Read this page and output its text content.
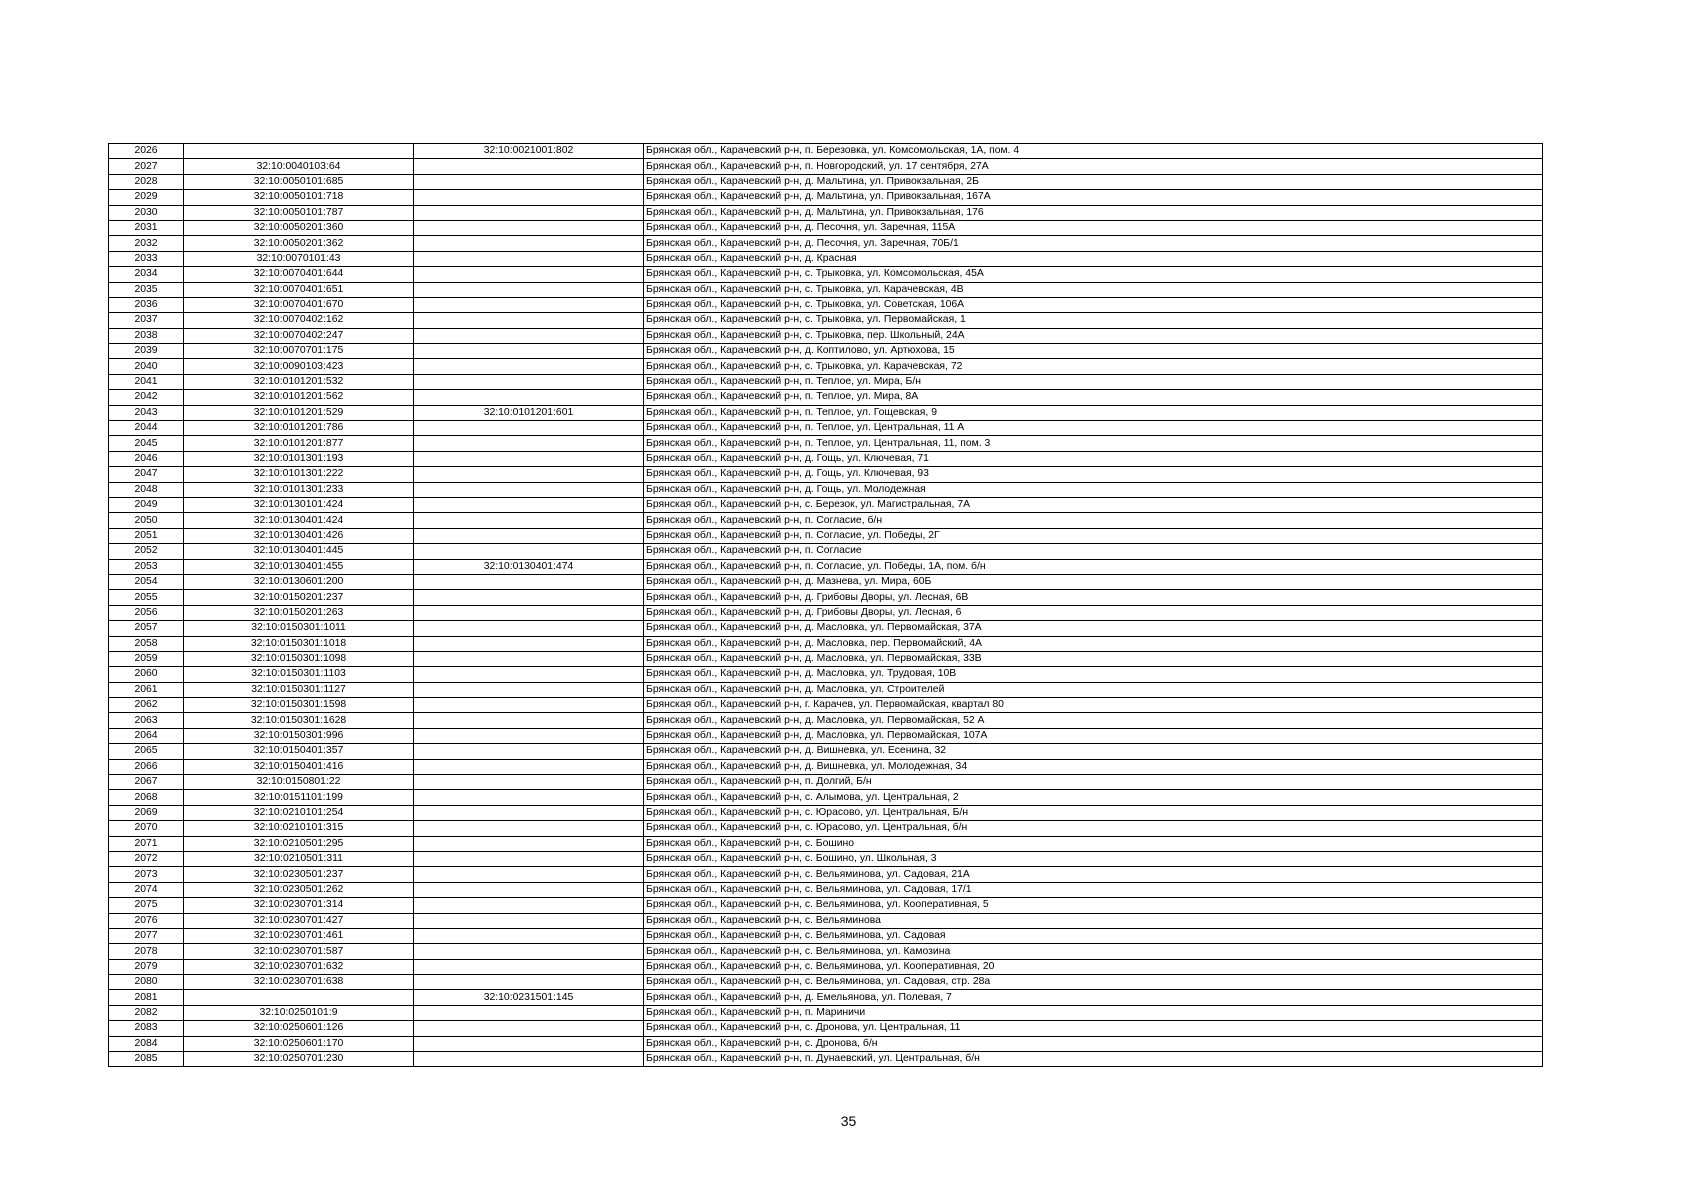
2026		32:10:0021001:802	Брянская обл., Карачевский р-н, п. Березовка, ул. Комсомольская, 1А, пом. 4
2027	32:10:0040103:64		Брянская обл., Карачевский р-н, п. Новгородский, ул. 17 сентября, 27А
2028	32:10:0050101:685		Брянская обл., Карачевский р-н, д. Мальтина, ул. Привокзальная, 2Б
2029	32:10:0050101:718		Брянская обл., Карачевский р-н, д. Мальтина, ул. Привокзальная, 167А
2030	32:10:0050101:787		Брянская обл., Карачевский р-н, д. Мальтина, ул. Привокзальная, 176
2031	32:10:0050201:360		Брянская обл., Карачевский р-н, д. Песочня, ул. Заречная, 115А
2032	32:10:0050201:362		Брянская обл., Карачевский р-н, д. Песочня, ул. Заречная, 70Б/1
2033	32:10:0070101:43		Брянская обл., Карачевский р-н, д. Красная
2034	32:10:0070401:644		Брянская обл., Карачевский р-н, с. Трыковка, ул. Комсомольская, 45А
2035	32:10:0070401:651		Брянская обл., Карачевский р-н, с. Трыковка, ул. Карачевская, 4В
2036	32:10:0070401:670		Брянская обл., Карачевский р-н, с. Трыковка, ул. Советская, 106А
2037	32:10:0070402:162		Брянская обл., Карачевский р-н, с. Трыковка, ул. Первомайская, 1
2038	32:10:0070402:247		Брянская обл., Карачевский р-н, с. Трыковка, пер. Школьный, 24А
2039	32:10:0070701:175		Брянская обл., Карачевский р-н, д. Коптилово, ул. Артюхова, 15
2040	32:10:0090103:423		Брянская обл., Карачевский р-н, с. Трыковка, ул. Карачевская, 72
2041	32:10:0101201:532		Брянская обл., Карачевский р-н, п. Теплое, ул. Мира, Б/н
2042	32:10:0101201:562		Брянская обл., Карачевский р-н, п. Теплое, ул. Мира, 8А
2043	32:10:0101201:529	32:10:0101201:601	Брянская обл., Карачевский р-н, п. Теплое, ул. Гощевская, 9
2044	32:10:0101201:786		Брянская обл., Карачевский р-н, п. Теплое, ул. Центральная, 11 А
2045	32:10:0101201:877		Брянская обл., Карачевский р-н, п. Теплое, ул. Центральная, 11, пом. 3
2046	32:10:0101301:193		Брянская обл., Карачевский р-н, д. Гощь, ул. Ключевая, 71
2047	32:10:0101301:222		Брянская обл., Карачевский р-н, д. Гощь, ул. Ключевая, 93
2048	32:10:0101301:233		Брянская обл., Карачевский р-н, д. Гощь, ул. Молодежная
2049	32:10:0130101:424		Брянская обл., Карачевский р-н, с. Березок, ул. Магистральная, 7А
2050	32:10:0130401:424		Брянская обл., Карачевский р-н, п. Согласие, б/н
2051	32:10:0130401:426		Брянская обл., Карачевский р-н, п. Согласие, ул. Победы, 2Г
2052	32:10:0130401:445		Брянская обл., Карачевский р-н, п. Согласие
2053	32:10:0130401:455	32:10:0130401:474	Брянская обл., Карачевский р-н, п. Согласие, ул. Победы, 1А, пом. б/н
2054	32:10:0130601:200		Брянская обл., Карачевский р-н, д. Мазнева, ул. Мира, 60Б
2055	32:10:0150201:237		Брянская обл., Карачевский р-н, д. Грибовы Дворы, ул. Лесная, 6В
2056	32:10:0150201:263		Брянская обл., Карачевский р-н, д. Грибовы Дворы, ул. Лесная, 6
2057	32:10:0150301:1011		Брянская обл., Карачевский р-н, д. Масловка, ул. Первомайская, 37А
2058	32:10:0150301:1018		Брянская обл., Карачевский р-н, д. Масловка, пер. Первомайский, 4А
2059	32:10:0150301:1098		Брянская обл., Карачевский р-н, д. Масловка, ул. Первомайская, 33В
2060	32:10:0150301:1103		Брянская обл., Карачевский р-н, д. Масловка, ул. Трудовая, 10В
2061	32:10:0150301:1127		Брянская обл., Карачевский р-н, д. Масловка, ул. Строителей
2062	32:10:0150301:1598		Брянская обл., Карачевский р-н, г. Карачев, ул. Первомайская, квартал 80
2063	32:10:0150301:1628		Брянская обл., Карачевский р-н, д. Масловка, ул. Первомайская, 52 А
2064	32:10:0150301:996		Брянская обл., Карачевский р-н, д. Масловка, ул. Первомайская, 107А
2065	32:10:0150401:357		Брянская обл., Карачевский р-н, д. Вишневка, ул. Есенина, 32
2066	32:10:0150401:416		Брянская обл., Карачевский р-н, д. Вишневка, ул. Молодежная, 34
2067	32:10:0150801:22		Брянская обл., Карачевский р-н, п. Долгий, Б/н
2068	32:10:0151101:199		Брянская обл., Карачевский р-н, с. Алымова, ул. Центральная, 2
2069	32:10:0210101:254		Брянская обл., Карачевский р-н, с. Юрасово, ул. Центральная, Б/н
2070	32:10:0210101:315		Брянская обл., Карачевский р-н, с. Юрасово, ул. Центральная, б/н
2071	32:10:0210501:295		Брянская обл., Карачевский р-н, с. Бошино
2072	32:10:0210501:311		Брянская обл., Карачевский р-н, с. Бошино, ул. Школьная, 3
2073	32:10:0230501:237		Брянская обл., Карачевский р-н, с. Вельяминова, ул. Садовая, 21А
2074	32:10:0230501:262		Брянская обл., Карачевский р-н, с. Вельяминова, ул. Садовая, 17/1
2075	32:10:0230701:314		Брянская обл., Карачевский р-н, с. Вельяминова, ул. Кооперативная, 5
2076	32:10:0230701:427		Брянская обл., Карачевский р-н, с. Вельяминова
2077	32:10:0230701:461		Брянская обл., Карачевский р-н, с. Вельяминова, ул. Садовая
2078	32:10:0230701:587		Брянская обл., Карачевский р-н, с. Вельяминова, ул. Камозина
2079	32:10:0230701:632		Брянская обл., Карачевский р-н, с. Вельяминова, ул. Кооперативная, 20
2080	32:10:0230701:638		Брянская обл., Карачевский р-н, с. Вельяминова, ул. Садовая, стр. 28а
2081		32:10:0231501:145	Брянская обл., Карачевский р-н, д. Емельянова, ул. Полевая, 7
2082	32:10:0250101:9		Брянская обл., Карачевский р-н, п. Мариничи
2083	32:10:0250601:126		Брянская обл., Карачевский р-н, с. Дронова, ул. Центральная, 11
2084	32:10:0250601:170		Брянская обл., Карачевский р-н, с. Дронова, б/н
2085	32:10:0250701:230		Брянская обл., Карачевский р-н, п. Дунаевский, ул. Центральная, б/н
35
